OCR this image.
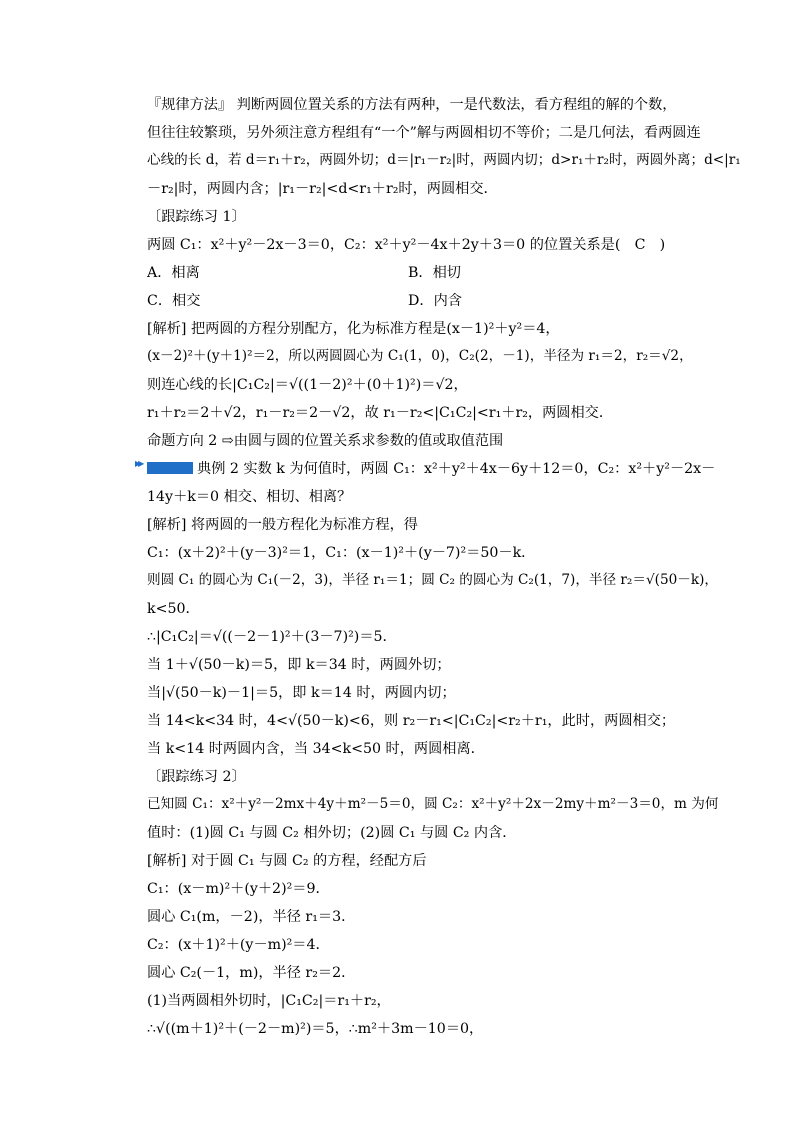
『规律方法』 判断两圆位置关系的方法有两种，一是代数法，看方程组的解的个数，
但往往较繁琐，另外须注意方程组有“一个”解与两圆相切不等价；二是几何法，看两圆连
心线的长 d，若 d＝r₁＋r₂，两圆外切；d＝|r₁－r₂|时，两圆内切；d>r₁＋r₂时，两圆外离；d<|r₁
－r₂|时，两圆内含；|r₁－r₂|<d<r₁＋r₂时，两圆相交．
〔跟踪练习 1〕
两圆 C₁：x²＋y²－2x－3＝0，C₂：x²＋y²－4x＋2y＋3＝0 的位置关系是(　C　)
A．相离	B．相切
C．相交	D．内含
[解析] 把两圆的方程分别配方，化为标准方程是(x－1)²＋y²＝4，
(x－2)²＋(y＋1)²＝2，所以两圆圆心为 C₁(1，0)，C₂(2，－1)，半径为 r₁＝2，r₂＝√2，
则连心线的长|C₁C₂|＝√((1－2)²＋(0＋1)²)＝√2，
r₁＋r₂＝2＋√2，r₁－r₂＝2－√2，故 r₁－r₂<|C₁C₂|<r₁＋r₂，两圆相交．
命题方向 2 ⇨由圆与圆的位置关系求参数的值或取值范围
▶▶典例 2 实数 k 为何值时，两圆 C₁：x²＋y²＋4x－6y＋12＝0，C₂：x²＋y²－2x－
14y＋k＝0 相交、相切、相离？
[解析] 将两圆的一般方程化为标准方程，得
C₁：(x＋2)²＋(y－3)²＝1，C₁：(x－1)²＋(y－7)²＝50－k．
则圆 C₁ 的圆心为 C₁(－2，3)，半径 r₁＝1；圆 C₂ 的圆心为 C₂(1，7)，半径 r₂＝√(50－k)，
k<50．
∴|C₁C₂|＝√((－2－1)²＋(3－7)²)＝5．
当 1＋√(50－k)＝5，即 k＝34 时，两圆外切；
当|√(50－k)－1|＝5，即 k＝14 时，两圆内切；
当 14<k<34 时，4<√(50－k)<6，则 r₂－r₁<|C₁C₂|<r₂＋r₁，此时，两圆相交；
当 k<14 时两圆内含，当 34<k<50 时，两圆相离．
〔跟踪练习 2〕
已知圆 C₁：x²＋y²－2mx＋4y＋m²－5＝0，圆 C₂：x²＋y²＋2x－2my＋m²－3＝0，m 为何
值时：(1)圆 C₁ 与圆 C₂ 相外切；(2)圆 C₁ 与圆 C₂ 内含．
[解析] 对于圆 C₁ 与圆 C₂ 的方程，经配方后
C₁：(x－m)²＋(y＋2)²＝9．
圆心 C₁(m，－2)，半径 r₁＝3．
C₂：(x＋1)²＋(y－m)²＝4．
圆心 C₂(－1，m)，半径 r₂＝2．
(1)当两圆相外切时，|C₁C₂|＝r₁＋r₂，
∴√((m＋1)²＋(－2－m)²)＝5，∴m²＋3m－10＝0，
